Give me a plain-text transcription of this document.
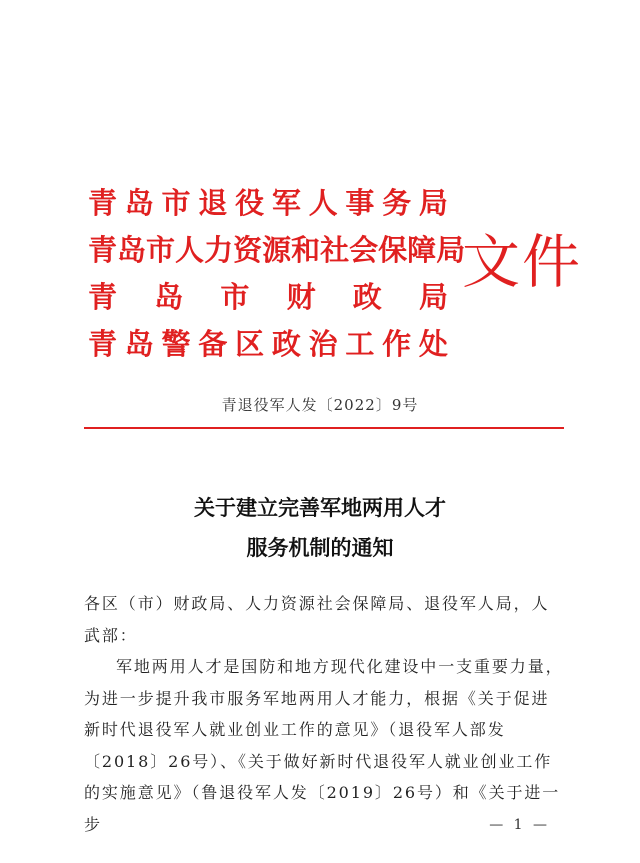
青 岛 市 退 役 军 人 事 务 局
青 岛 市 人 力 资 源 和 社 会 保 障 局
青 岛 市 财 政 局
青 岛 警 备 区 政 治 工 作 处
文件
青退役军人发〔2022〕9号
关于建立完善军地两用人才
服务机制的通知

各区（市）财政局、人力资源社会保障局、退役军人局，人武部：

军地两用人才是国防和地方现代化建设中一支重要力量，为进一步提升我市服务军地两用人才能力，根据《关于促进新时代退役军人就业创业工作的意见》（退役军人部发〔2018〕26号）、《关于做好新时代退役军人就业创业工作的实施意见》（鲁退役军人发〔2019〕26号）和《关于进一步	— 1 —
